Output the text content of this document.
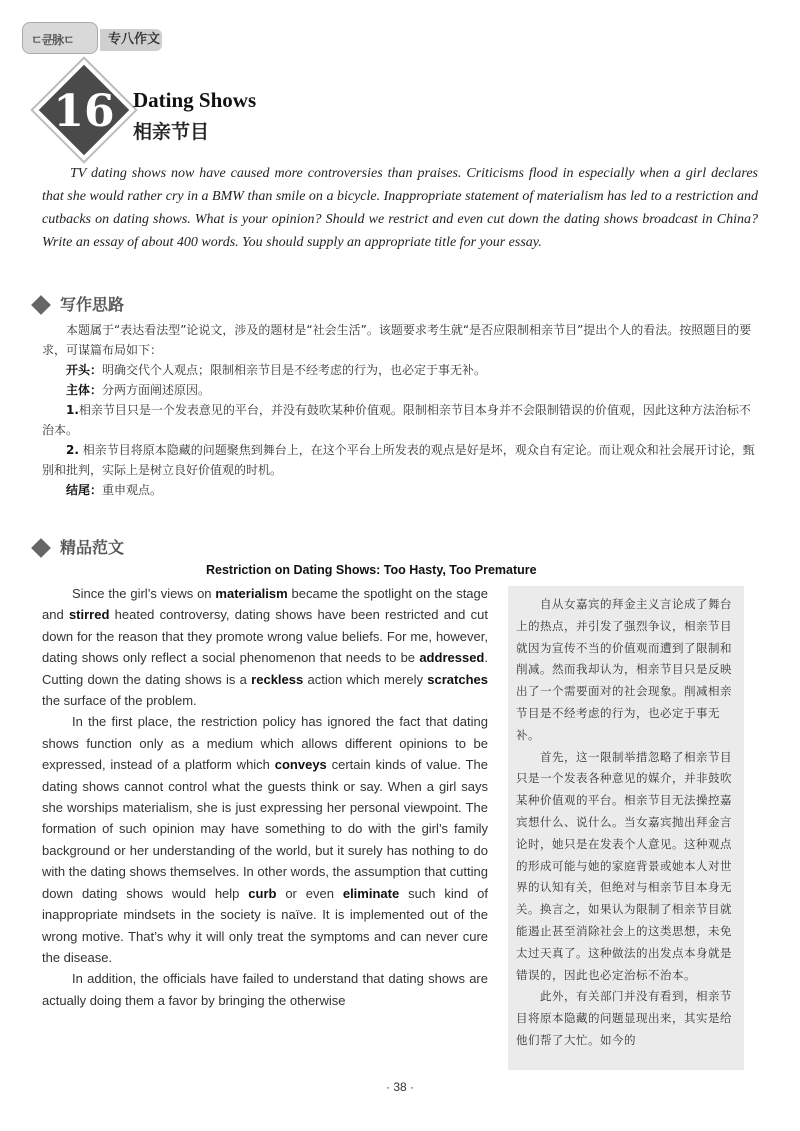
ㄷ큔脉ㄷ	专八作文
16 Dating Shows
相亲节目
TV dating shows now have caused more controversies than praises. Criticisms flood in especially when a girl declares that she would rather cry in a BMW than smile on a bicycle. Inappropriate statement of materialism has led to a restriction and cutbacks on dating shows. What is your opinion? Should we restrict and even cut down the dating shows broadcast in China? Write an essay of about 400 words. You should supply an appropriate title for your essay.
写作思路

本题属于“表达看法型”论说文，涉及的题材是“社会生活”。该题要求考生就“是否应限制相亲节目”提出个人的看法。按照题目的要求，可谋篇布局如下：

开头：明确交代个人观点；限制相亲节目是不经考虑的行为，也必定于事无补。

主体：分两方面阐述原因。

1.相亲节目只是一个发表意见的平台，并没有鼓吹某种价值观。限制相亲节目本身并不会限制错误的价值观，因此这种方法治标不治本。

2. 相亲节目将原本隐藏的问题聚焦到舞台上，在这个平台上所发表的观点是好是坏，观众自有定论。而让观众和社会展开讨论，甄别和批判，实际上是树立良好价值观的时机。

结尾：重申观点。

精品范文
Restriction on Dating Shows: Too Hasty, Too Premature

Since the girl’s views on materialism became the spotlight on the stage and stirred heated controversy, dating shows have been restricted and cut down for the reason that they promote wrong value beliefs. For me, however, dating shows only reflect a social phenomenon that needs to be addressed. Cutting down the dating shows is a reckless action which merely scratches the surface of the problem.

In the first place, the restriction policy has ignored the fact that dating shows function only as a medium which allows different opinions to be expressed, instead of a platform which conveys certain kinds of value. The dating shows cannot control what the guests think or say. When a girl says she worships materialism, she is just expressing her personal viewpoint. The formation of such opinion may have something to do with the girl’s family background or her understanding of the world, but it surely has nothing to do with the dating shows themselves. In other words, the assumption that cutting down dating shows would help curb or even eliminate such kind of inappropriate mindsets in the society is naïve. It is implemented out of the wrong motive. That’s why it will only treat the symptoms and can never cure the disease.

In addition, the officials have failed to understand that dating shows are actually doing them a favor by bringing the otherwise

自从女嘉宾的拜金主义言论成了舞台上的热点，并引发了强烈争议，相亲节目就因为宣传不当的价值观而遭到了限制和削减。然而我却认为，相亲节目只是反映出了一个需要面对的社会现象。削减相亲节目是不经考虑的行为，也必定于事无补。

首先，这一限制举措忽略了相亲节目只是一个发表各种意见的媒介，并非鼓吹某种价值观的平台。相亲节目无法操控嘉宾想什么、说什么。当女嘉宾抛出拜金言论时，她只是在发表个人意见。这种观点的形成可能与她的家庭背景或她本人对世界的认知有关，但绝对与相亲节目本身无关。换言之，如果认为限制了相亲节目就能遏止甚至消除社会上的这类思想，未免太过天真了。这种做法的出发点本身就是错误的，因此也必定治标不治本。

此外，有关部门并没有看到，相亲节目将原本隐藏的问题显现出来，其实是给他们帮了大忙。如今的

· 38 ·
